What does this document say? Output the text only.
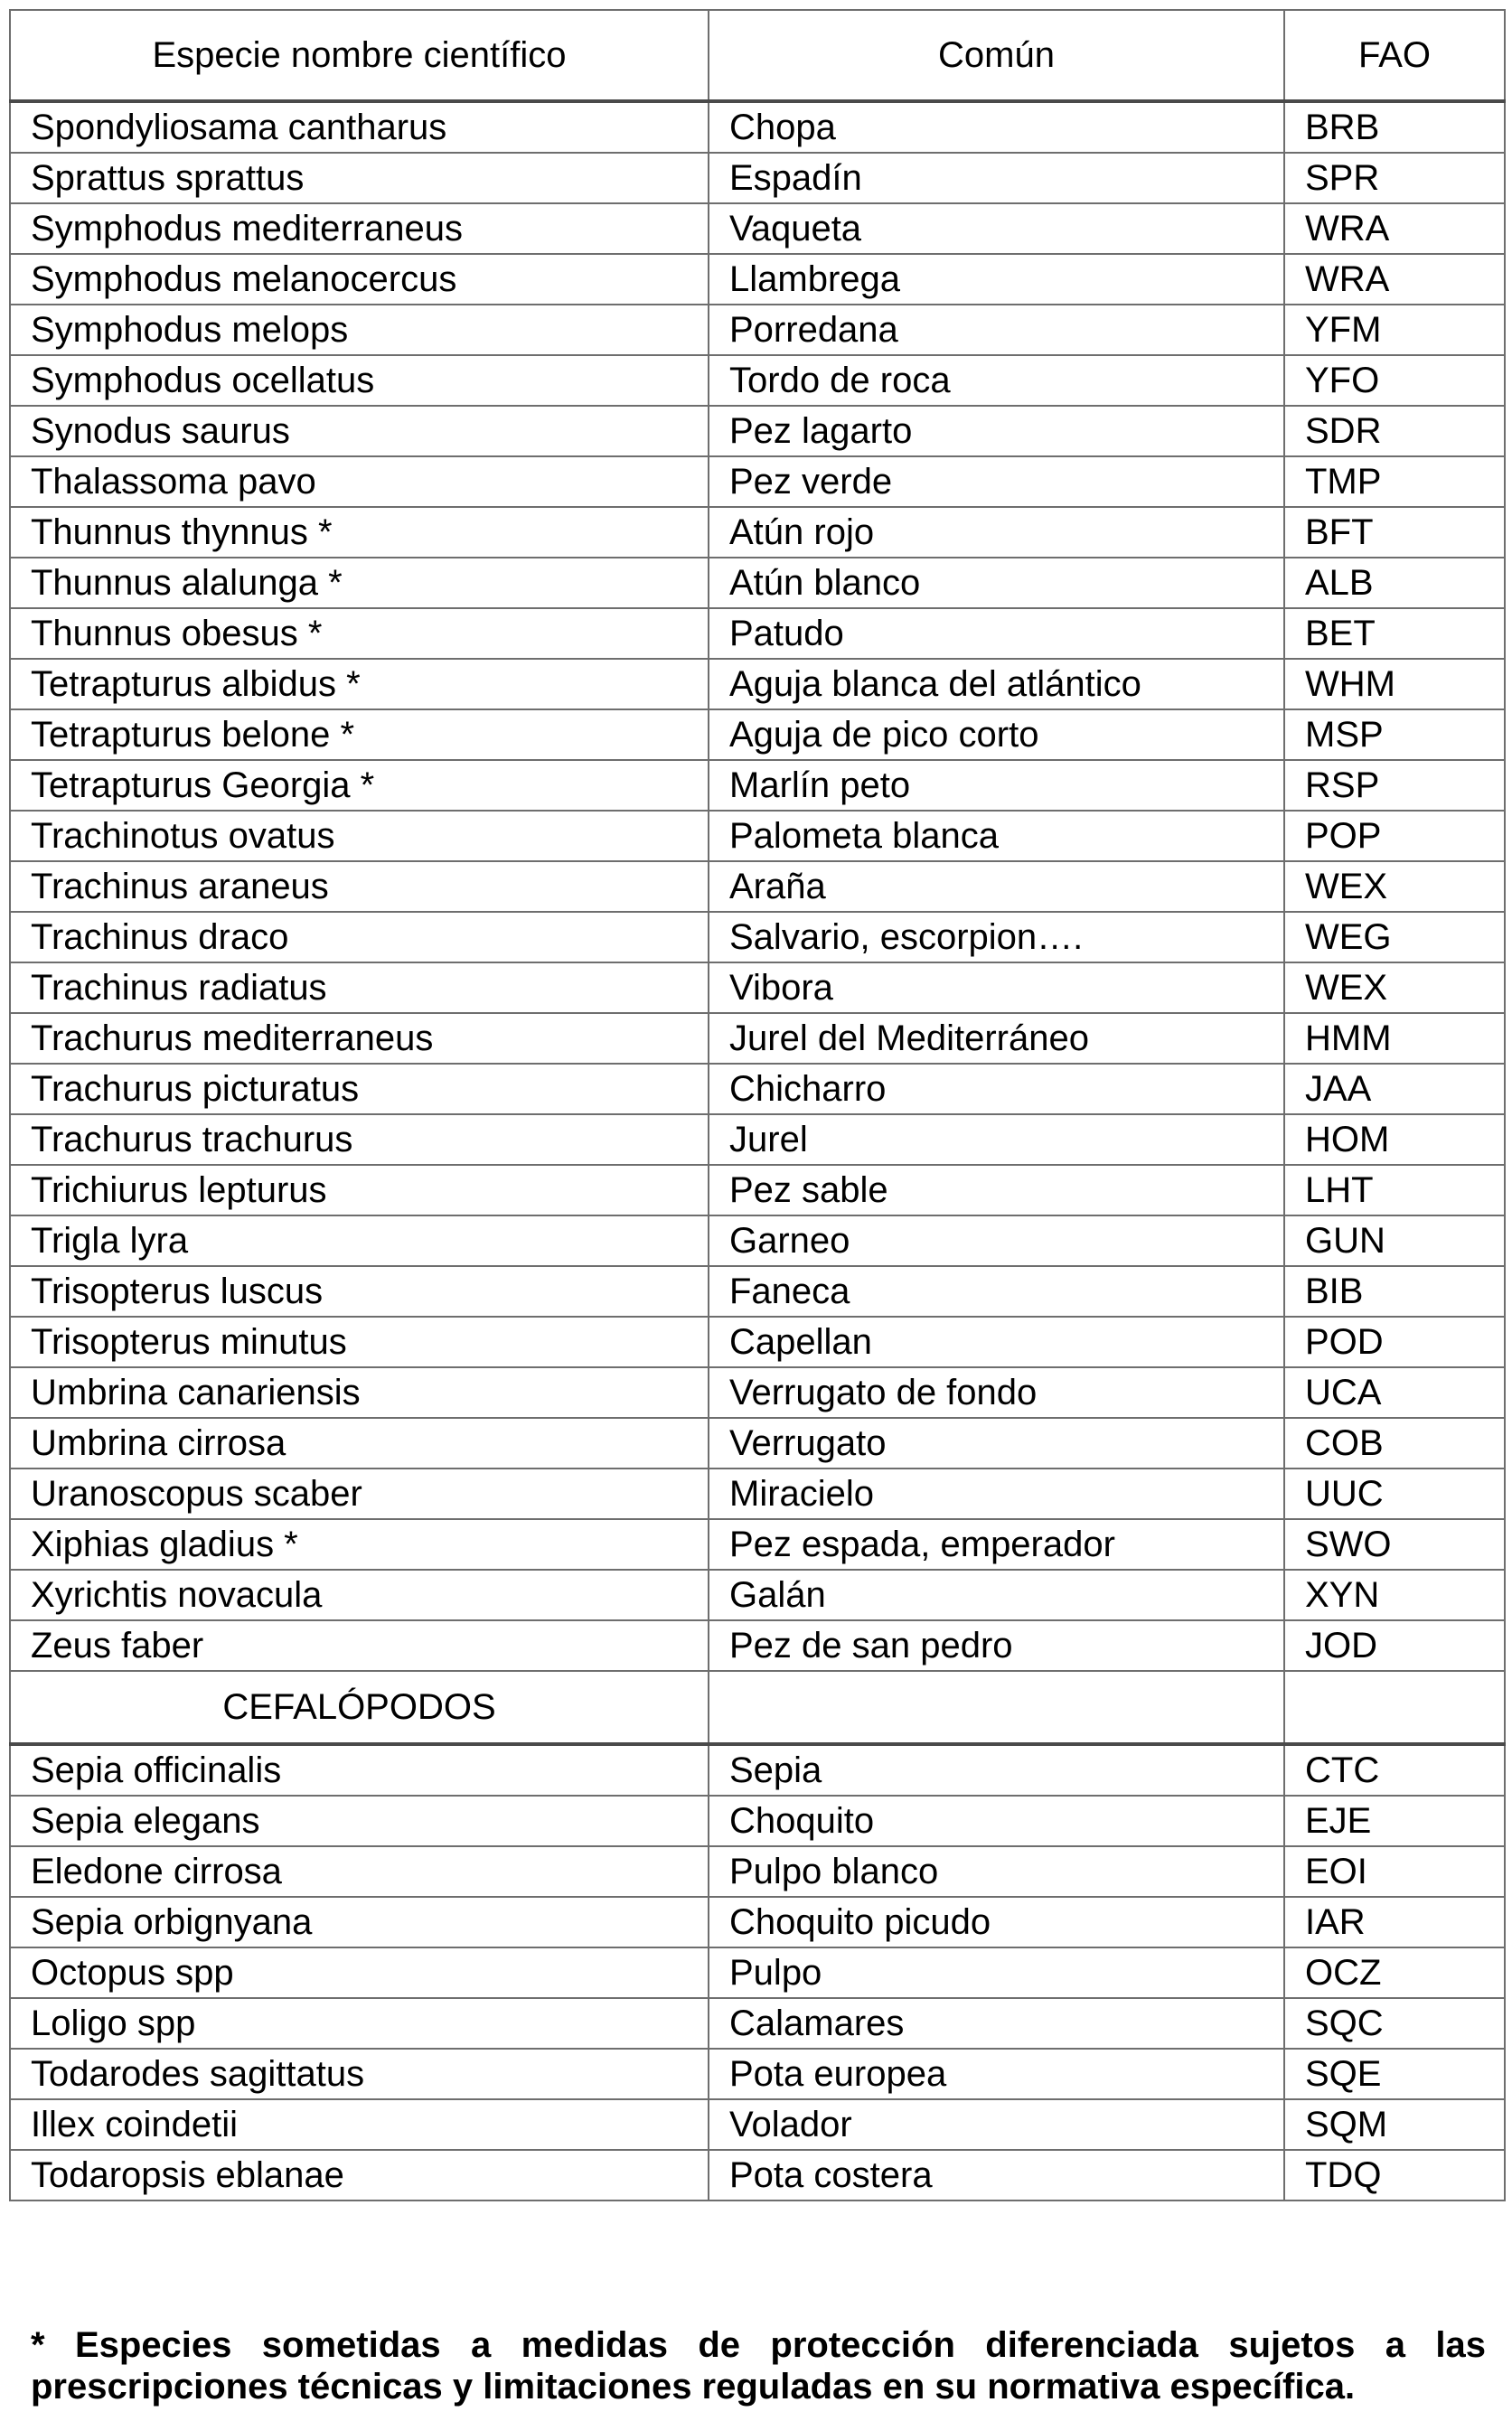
Especie nombre científico	Común	FAO
Spondyliosama cantharus	Chopa	BRB
Sprattus sprattus	Espadín	SPR
Symphodus mediterraneus	Vaqueta	WRA
Symphodus melanocercus	Llambrega	WRA
Symphodus melops	Porredana	YFM
Symphodus ocellatus	Tordo de roca	YFO
Synodus saurus	Pez lagarto	SDR
Thalassoma pavo	Pez verde	TMP
Thunnus thynnus *	Atún rojo	BFT
Thunnus alalunga *	Atún blanco	ALB
Thunnus obesus *	Patudo	BET
Tetrapturus albidus *	Aguja blanca del atlántico	WHM
Tetrapturus belone *	Aguja de pico corto	MSP
Tetrapturus Georgia *	Marlín peto	RSP
Trachinotus ovatus	Palometa blanca	POP
Trachinus araneus	Araña	WEX
Trachinus draco	Salvario, escorpion….	WEG
Trachinus radiatus	Vibora	WEX
Trachurus mediterraneus	Jurel del Mediterráneo	HMM
Trachurus picturatus	Chicharro	JAA
Trachurus trachurus	Jurel	HOM
Trichiurus lepturus	Pez sable	LHT
Trigla lyra	Garneo	GUN
Trisopterus luscus	Faneca	BIB
Trisopterus minutus	Capellan	POD
Umbrina canariensis	Verrugato de fondo	UCA
Umbrina cirrosa	Verrugato	COB
Uranoscopus scaber	Miracielo	UUC
Xiphias gladius *	Pez espada, emperador	SWO
Xyrichtis novacula	Galán	XYN
Zeus faber	Pez de san pedro	JOD
CEFALÓPODOS		
Sepia officinalis	Sepia	CTC
Sepia elegans	Choquito	EJE
Eledone cirrosa	Pulpo blanco	EOI
Sepia orbignyana	Choquito picudo	IAR
Octopus spp	Pulpo	OCZ
Loligo spp	Calamares	SQC
Todarodes sagittatus	Pota europea	SQE
Illex coindetii	Volador	SQM
Todaropsis eblanae	Pota costera	TDQ
* Especies sometidas a medidas de protección diferenciada sujetos a las prescripciones técnicas y limitaciones reguladas en su normativa específica.
